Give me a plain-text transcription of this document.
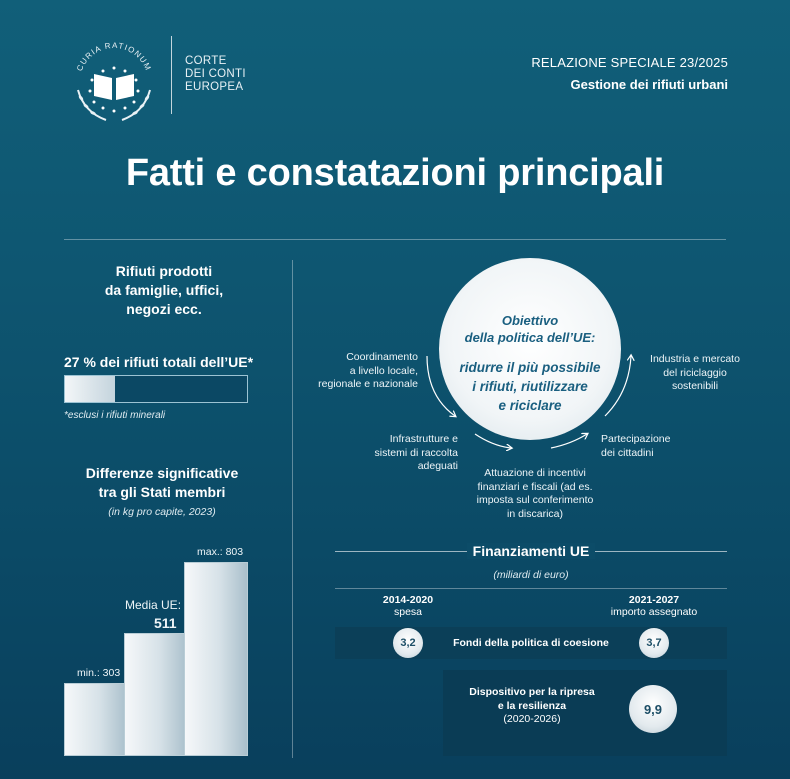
CURIA RATIONUM	CORTE
DEI CONTI
EUROPEA
RELAZIONE SPECIALE 23/2025
Gestione dei rifiuti urbani
Fatti e constatazioni principali
Rifiuti prodotti
da famiglie, uffici,
negozi ecc.
27 % dei rifiuti totali dell’UE*
*esclusi i rifiuti minerali
Differenze significative
tra gli Stati membri
(in kg pro capite, 2023)
min.: 303
Media UE:
511
max.: 803
Obiettivo
della politica dell’UE:
ridurre il più possibile
i rifiuti, riutilizzare
e riciclare
Coordinamento
a livello locale,
regionale e nazionale
Infrastrutture e
sistemi di raccolta
adeguati
Attuazione di incentivi
finanziari e fiscali (ad es.
imposta sul conferimento
in discarica)
Partecipazione
dei cittadini
Industria e mercato
del riciclaggio
sostenibili
Finanziamenti UE
(miliardi di euro)
2014-2020
spesa
2021-2027
importo assegnato
3,2	Fondi della politica di coesione	3,7
Dispositivo per la ripresa
e la resilienza
(2020-2026)
9,9
